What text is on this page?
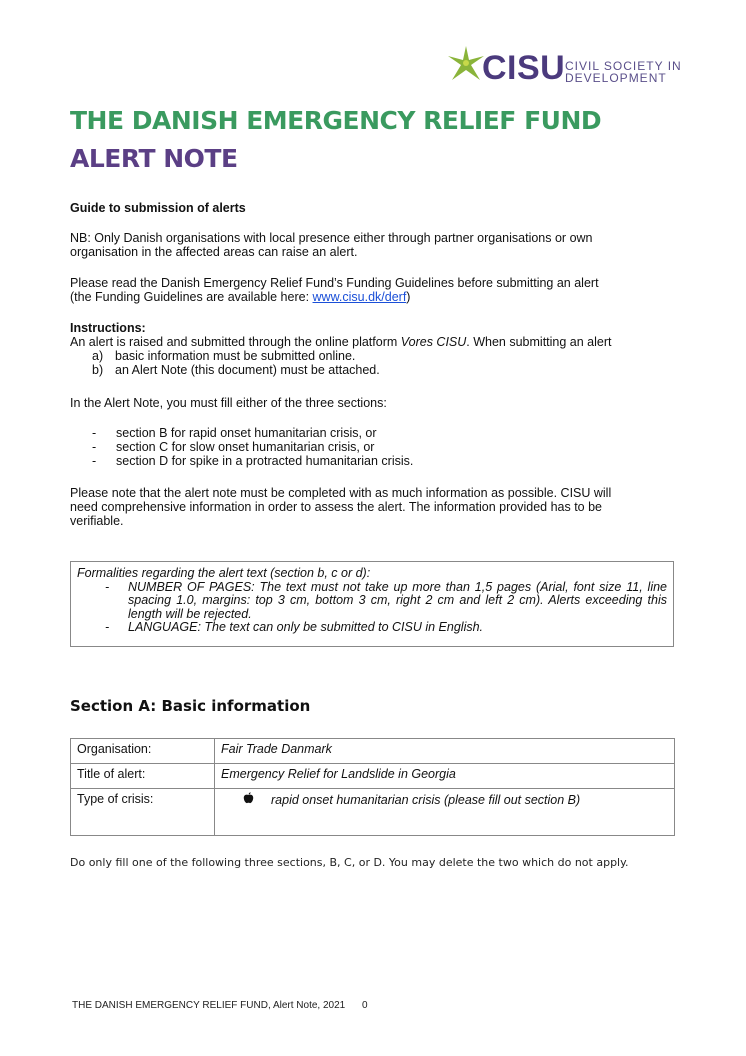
CISU CIVIL SOCIETY IN
DEVELOPMENT
THE DANISH EMERGENCY RELIEF FUND
ALERT NOTE
Guide to submission of alerts
NB: Only Danish organisations with local presence either through partner organisations or own
organisation in the affected areas can raise an alert.
Please read the Danish Emergency Relief Fund’s Funding Guidelines before submitting an alert
(the Funding Guidelines are available here: www.cisu.dk/derf)
Instructions:
An alert is raised and submitted through the online platform Vores CISU. When submitting an alert
a) basic information must be submitted online.
b) an Alert Note (this document) must be attached.
In the Alert Note, you must fill either of the three sections:
- section B for rapid onset humanitarian crisis, or
- section C for slow onset humanitarian crisis, or
- section D for spike in a protracted humanitarian crisis.
Please note that the alert note must be completed with as much information as possible. CISU will
need comprehensive information in order to assess the alert. The information provided has to be
verifiable.
Formalities regarding the alert text (section b, c or d):
- NUMBER OF PAGES: The text must not take up more than 1,5 pages (Arial, font size 11, line spacing 1.0, margins: top 3 cm, bottom 3 cm, right 2 cm and left 2 cm). Alerts exceeding this length will be rejected.
- LANGUAGE: The text can only be submitted to CISU in English.
Section A: Basic information
Organisation:	Fair Trade Danmark
Title of alert:	Emergency Relief for Landslide in Georgia
Type of crisis:	rapid onset humanitarian crisis (please fill out section B)
Do only fill one of the following three sections, B, C, or D. You may delete the two which do not apply.
THE DANISH EMERGENCY RELIEF FUND, Alert Note, 2021 0
